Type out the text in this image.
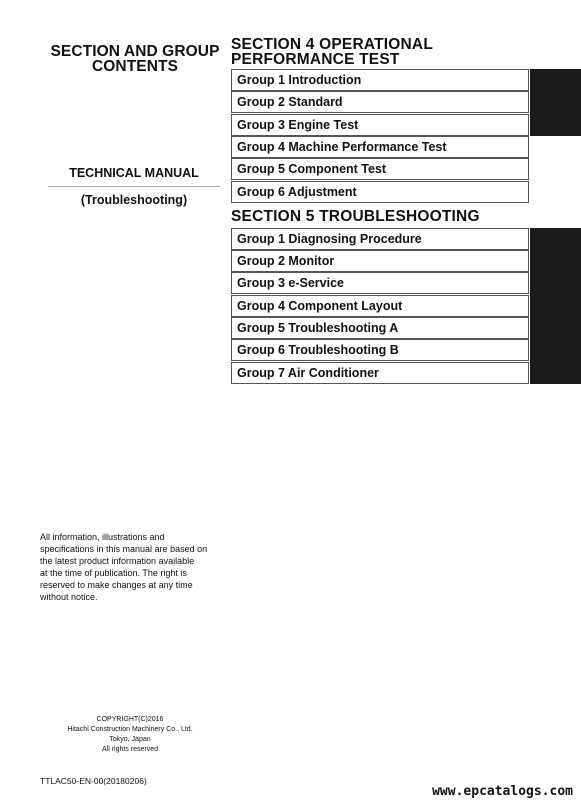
SECTION AND GROUP
CONTENTS
TECHNICAL MANUAL
(Troubleshooting)
All information, illustrations and
specifications in this manual are based on
the latest product information available
at the time of publication. The right is
reserved to make changes at any time
without notice.
COPYRIGHT(C)2016
Hitachi Construction Machinery Co., Ltd.
Tokyo, Japan
All rights reserved
TTLAC50-EN-00(20180206)
www.epcatalogs.com
SECTION 4 OPERATIONAL
PERFORMANCE TEST
Group 1 Introduction
Group 2 Standard
Group 3 Engine Test
Group 4 Machine Performance Test
Group 5 Component Test
Group 6 Adjustment
SECTION 5 TROUBLESHOOTING
Group 1 Diagnosing Procedure
Group 2 Monitor
Group 3 e-Service
Group 4 Component Layout
Group 5 Troubleshooting A
Group 6 Troubleshooting B
Group 7 Air Conditioner
